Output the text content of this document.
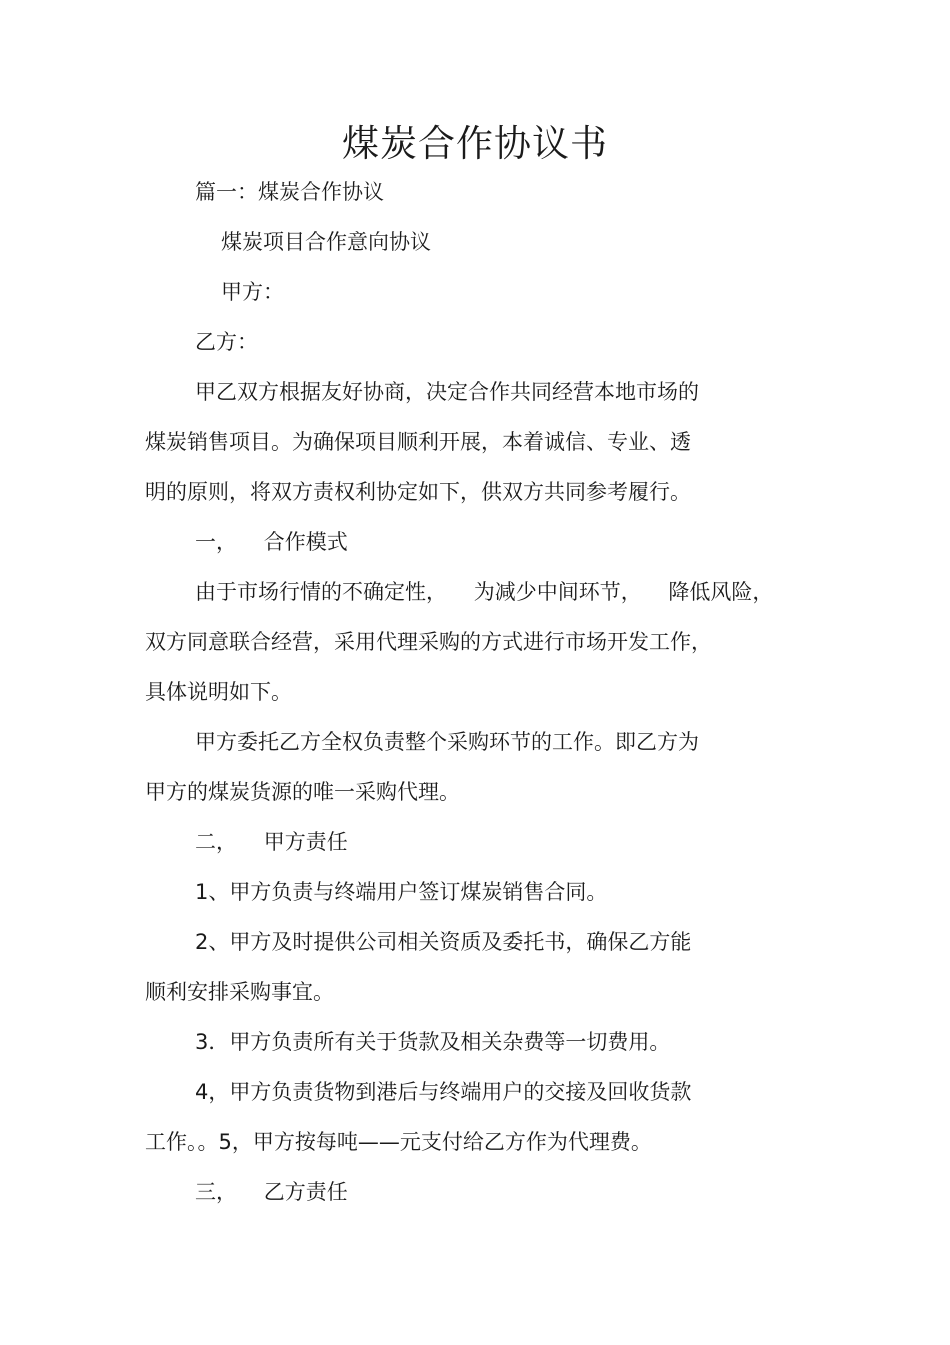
煤炭合作协议书
篇一：煤炭合作协议
煤炭项目合作意向协议
甲方：
乙方：
甲乙双方根据友好协商，决定合作共同经营本地市场的
煤炭销售项目。为确保项目顺利开展，本着诚信、专业、透
明的原则，将双方责权利协定如下，供双方共同参考履行。
一，    合作模式
由于市场行情的不确定性，    为减少中间环节，    降低风险，
双方同意联合经营，采用代理采购的方式进行市场开发工作，
具体说明如下。
甲方委托乙方全权负责整个采购环节的工作。即乙方为
甲方的煤炭货源的唯一采购代理。
二，    甲方责任
1、甲方负责与终端用户签订煤炭销售合同。
2、甲方及时提供公司相关资质及委托书，确保乙方能
顺利安排采购事宜。
3．甲方负责所有关于货款及相关杂费等一切费用。
4，甲方负责货物到港后与终端用户的交接及回收货款
工作。。5，甲方按每吨——元支付给乙方作为代理费。
三，    乙方责任
